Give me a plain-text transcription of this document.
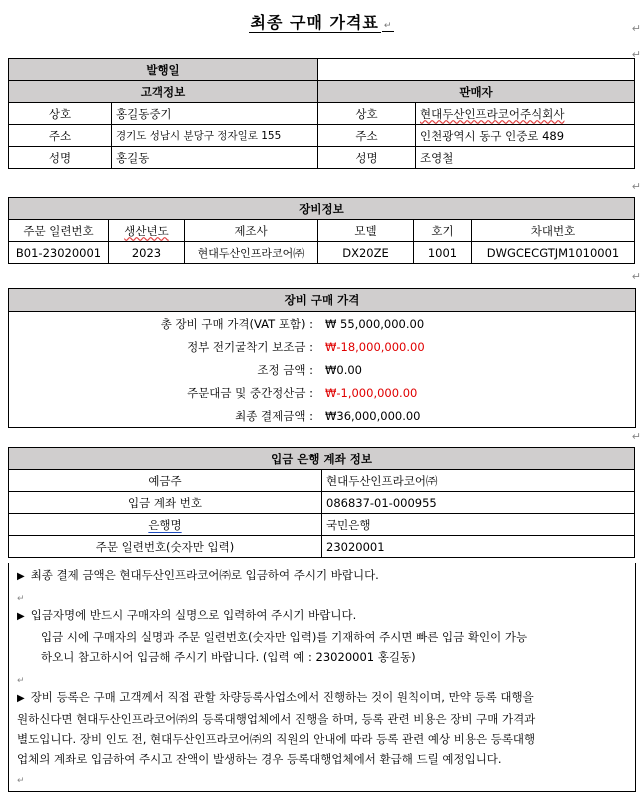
최종 구매 가격표 ↵	↵
↵
발행일			
고객정보		판매자	
상호	홍길동중기	상호	현대두산인프라코어주식회사
주소	경기도 성남시 분당구 정자일로 155	주소	인천광역시 동구 인중로 489
성명	홍길동	성명	조영철
↵
장비정보					
주문 일련번호	생산년도	제조사	모델	호기	차대번호
B01-23020001	2023	현대두산인프라코어㈜	DX20ZE	1001	DWGCECGTJM1010001
↵
장비 구매 가격
총 장비 구매 가격(VAT 포함) : ₩ 55,000,000.00
정부 전기굴착기 보조금 : ₩-18,000,000.00
조정 금액 : ₩0.00
주문대금 및 중간정산금 : ₩-1,000,000.00
최종 결제금액 : ₩36,000,000.00
↵
입금 은행 계좌 정보	
예금주	현대두산인프라코어㈜
입금 계좌 번호	086837-01-000955
은행명	국민은행
주문 일련번호(숫자만 입력)	23020001
▶ 최종 결제 금액은 현대두산인프라코어㈜로 입금하여 주시기 바랍니다.
↵
▶ 입금자명에 반드시 구매자의 실명으로 입력하여 주시기 바랍니다.
입금 시에 구매자의 실명과 주문 일련번호(숫자만 입력)를 기재하여 주시면 빠른 입금 확인이 가능
하오니 참고하시어 입금해 주시기 바랍니다. (입력 예 : 23020001 홍길동)
↵
▶ 장비 등록은 구매 고객께서 직접 관할 차량등록사업소에서 진행하는 것이 원칙이며, 만약 등록 대행을
원하신다면 현대두산인프라코어㈜의 등록대행업체에서 진행을 하며, 등록 관련 비용은 장비 구매 가격과
별도입니다. 장비 인도 전, 현대두산인프라코어㈜의 직원의 안내에 따라 등록 관련 예상 비용은 등록대행
업체의 계좌로 입금하여 주시고 잔액이 발생하는 경우 등록대행업체에서 환급해 드릴 예정입니다.
↵
